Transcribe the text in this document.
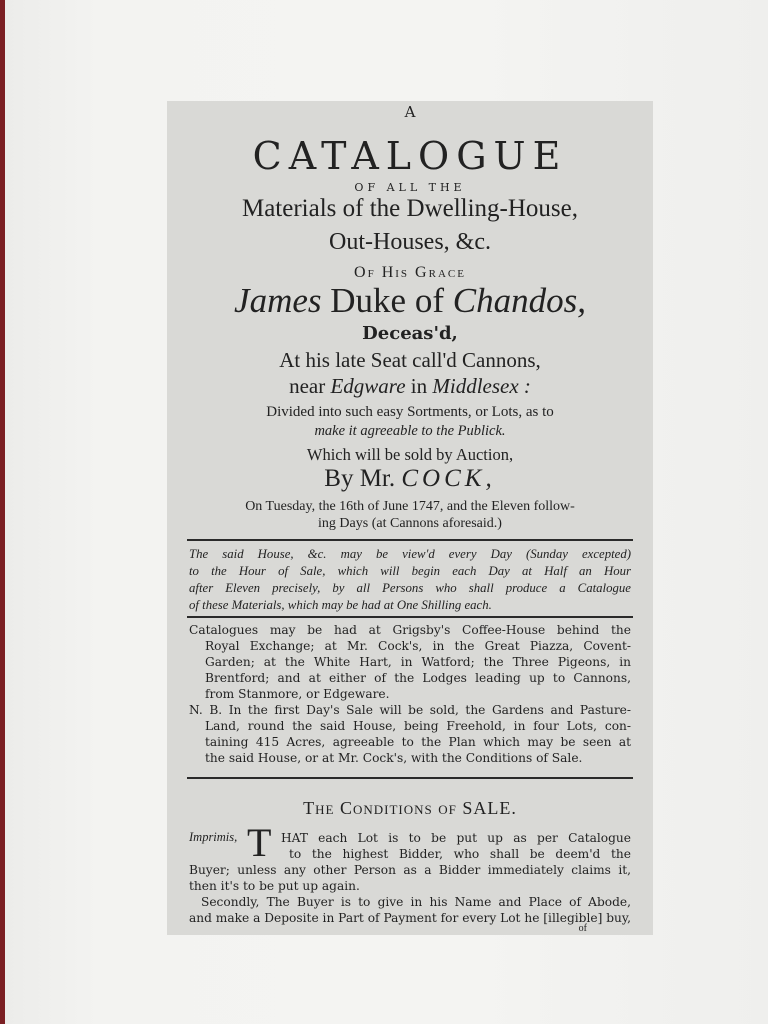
A
CATALOGUE
OF ALL THE
Materials of the Dwelling-House,
Out-Houses, &c.
Of His Grace
James Duke of Chandos,
Deceas'd,
At his late Seat call'd Cannons,
near Edgware in Middlesex :
Divided into such easy Sortments, or Lots, as to
make it agreeable to the Publick.
Which will be sold by Auction,
By Mr. COCK,
On Tuesday, the 16th of June 1747, and the Eleven follow-
ing Days (at Cannons aforesaid.)
The said House, &c. may be view'd every Day (Sunday excepted)
to the Hour of Sale, which will begin each Day at Half an Hour
after Eleven precisely, by all Persons who shall produce a Catalogue
of these Materials, which may be had at One Shilling each.
Catalogues may be had at Grigsby's Coffee-House behind the
Royal Exchange; at Mr. Cock's, in the Great Piazza, Covent-
Garden; at the White Hart, in Watford; the Three Pigeons, in
Brentford; and at either of the Lodges leading up to Cannons,
from Stanmore, or Edgeware.
N. B. In the first Day's Sale will be sold, the Gardens and Pasture-
Land, round the said House, being Freehold, in four Lots, con-
taining 415 Acres, agreeable to the Plan which may be seen at
the said House, or at Mr. Cock's, with the Conditions of Sale.
The Conditions of SALE.
Imprimis, T HAT each Lot is to be put up as per Catalogue
to the highest Bidder, who shall be deem'd the
Buyer; unless any other Person as a Bidder immediately claims it,
then it's to be put up again.
Secondly, The Buyer is to give in his Name and Place of Abode,
and make a Deposite in Part of Payment for every Lot he [illegible] buy,
of
